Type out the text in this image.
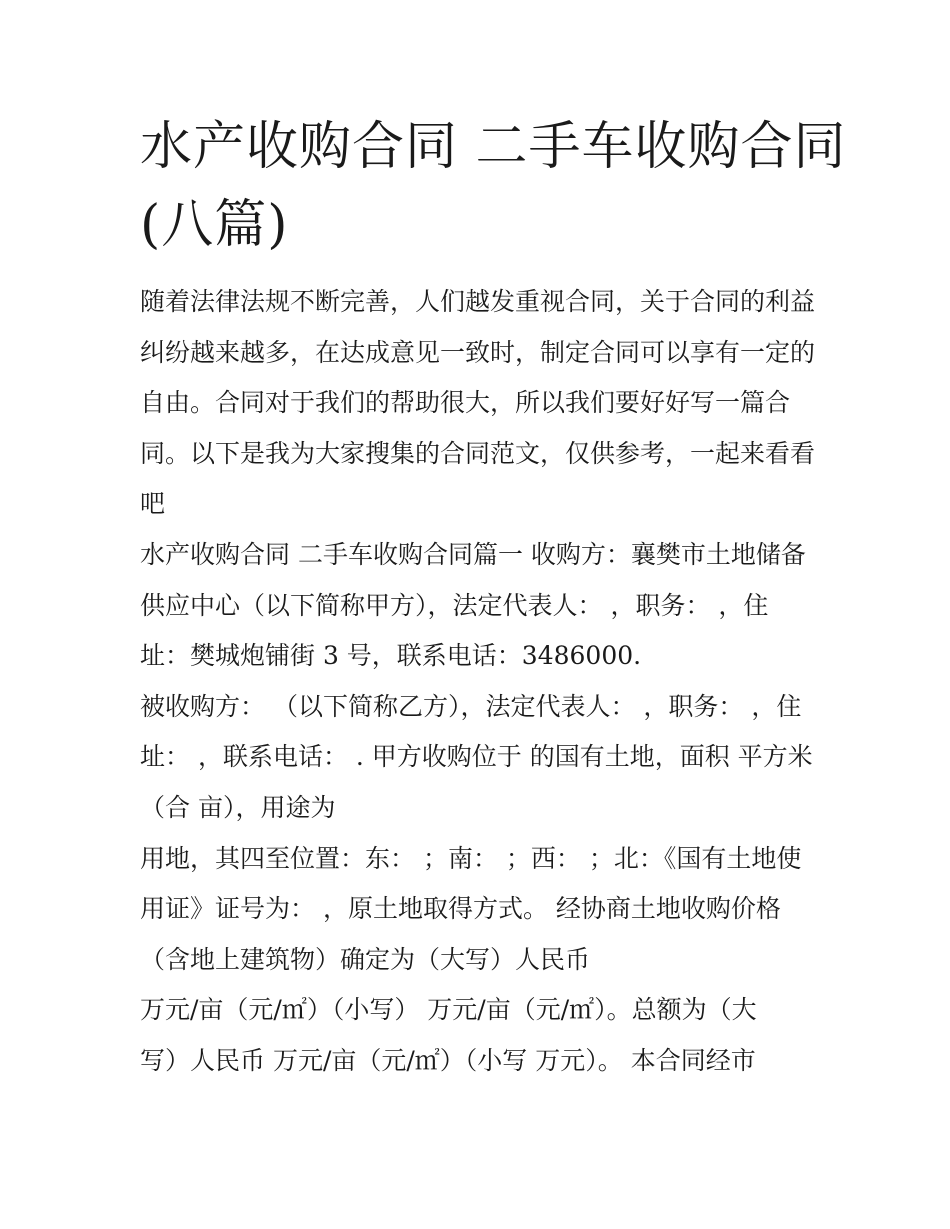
水产收购合同 二手车收购合同
(八篇)
随着法律法规不断完善，人们越发重视合同，关于合同的利益
纠纷越来越多，在达成意见一致时，制定合同可以享有一定的
自由。合同对于我们的帮助很大，所以我们要好好写一篇合
同。以下是我为大家搜集的合同范文，仅供参考，一起来看看
吧
水产收购合同 二手车收购合同篇一 收购方：襄樊市土地储备
供应中心（以下简称甲方），法定代表人： ，职务： ，住
址：樊城炮铺街 3 号，联系电话：3486000.
被收购方： （以下简称乙方），法定代表人： ，职务： ，住
址： ，联系电话： . 甲方收购位于 的国有土地，面积 平方米
（合 亩），用途为
用地，其四至位置：东： ；南： ；西： ；北：《国有土地使
用证》证号为： ，原土地取得方式。 经协商土地收购价格
（含地上建筑物）确定为（大写）人民币
万元/亩（元/㎡）（小写） 万元/亩（元/㎡）。总额为（大
写）人民币 万元/亩（元/㎡）（小写 万元）。 本合同经市
